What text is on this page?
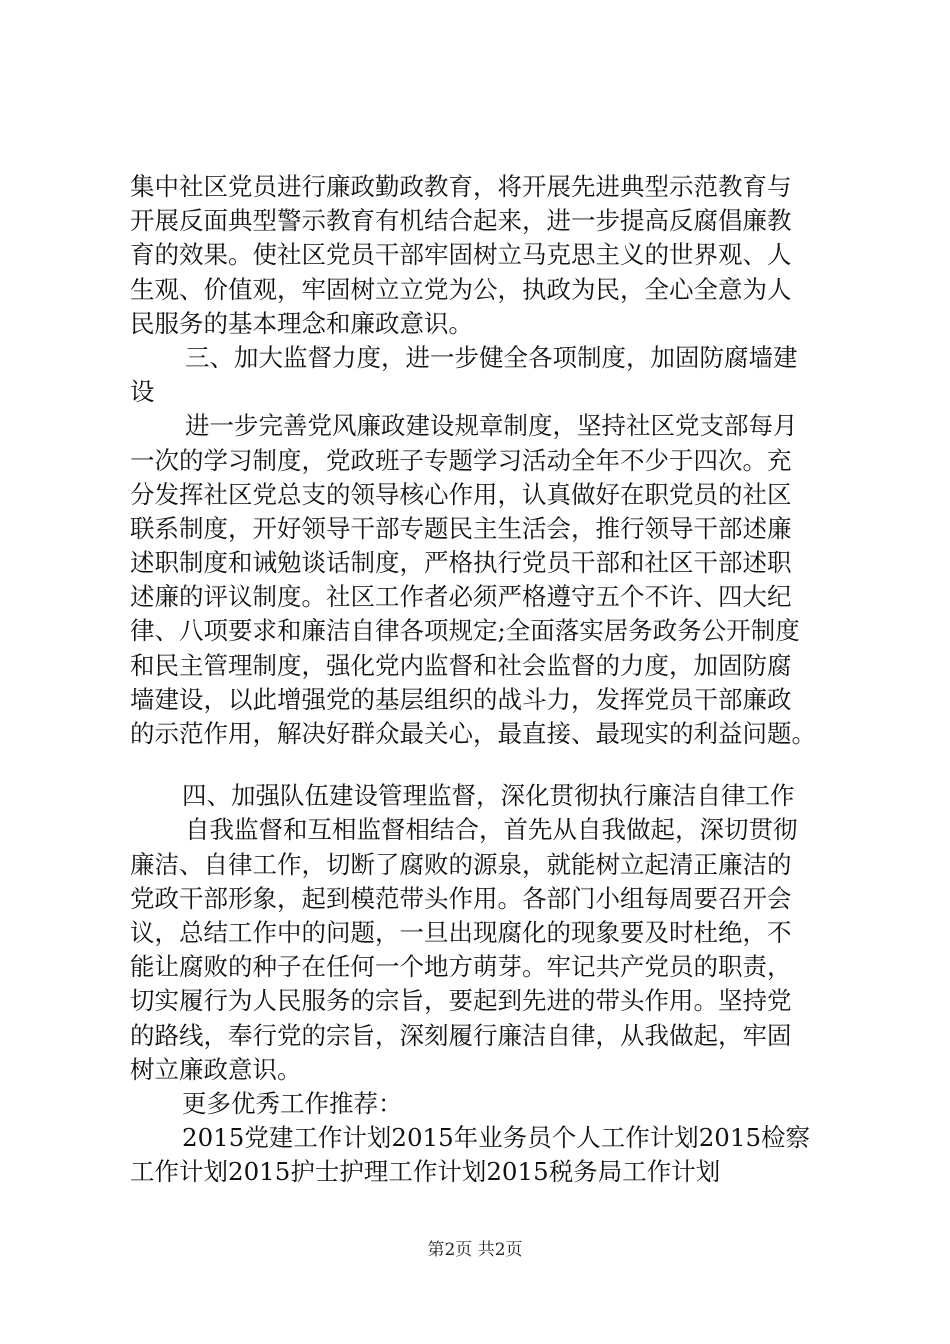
集中社区党员进行廉政勤政教育，将开展先进典型示范教育与
开展反面典型警示教育有机结合起来，进一步提高反腐倡廉教
育的效果。使社区党员干部牢固树立马克思主义的世界观、人
生观、价值观，牢固树立立党为公，执政为民，全心全意为人
民服务的基本理念和廉政意识。
三、加大监督力度，进一步健全各项制度，加固防腐墙建
设
进一步完善党风廉政建设规章制度，坚持社区党支部每月
一次的学习制度，党政班子专题学习活动全年不少于四次。充
分发挥社区党总支的领导核心作用，认真做好在职党员的社区
联系制度，开好领导干部专题民主生活会，推行领导干部述廉
述职制度和诫勉谈话制度，严格执行党员干部和社区干部述职
述廉的评议制度。社区工作者必须严格遵守五个不许、四大纪
律、八项要求和廉洁自律各项规定;全面落实居务政务公开制度
和民主管理制度，强化党内监督和社会监督的力度，加固防腐
墙建设，以此增强党的基层组织的战斗力，发挥党员干部廉政
的示范作用，解决好群众最关心，最直接、最现实的利益问题。
四、加强队伍建设管理监督，深化贯彻执行廉洁自律工作
自我监督和互相监督相结合，首先从自我做起，深切贯彻
廉洁、自律工作，切断了腐败的源泉，就能树立起清正廉洁的
党政干部形象，起到模范带头作用。各部门小组每周要召开会
议，总结工作中的问题，一旦出现腐化的现象要及时杜绝，不
能让腐败的种子在任何一个地方萌芽。牢记共产党员的职责，
切实履行为人民服务的宗旨，要起到先进的带头作用。坚持党
的路线，奉行党的宗旨，深刻履行廉洁自律，从我做起，牢固
树立廉政意识。
更多优秀工作推荐：
2015党建工作计划2015年业务员个人工作计划2015检察
工作计划2015护士护理工作计划2015税务局工作计划
第2页 共2页
